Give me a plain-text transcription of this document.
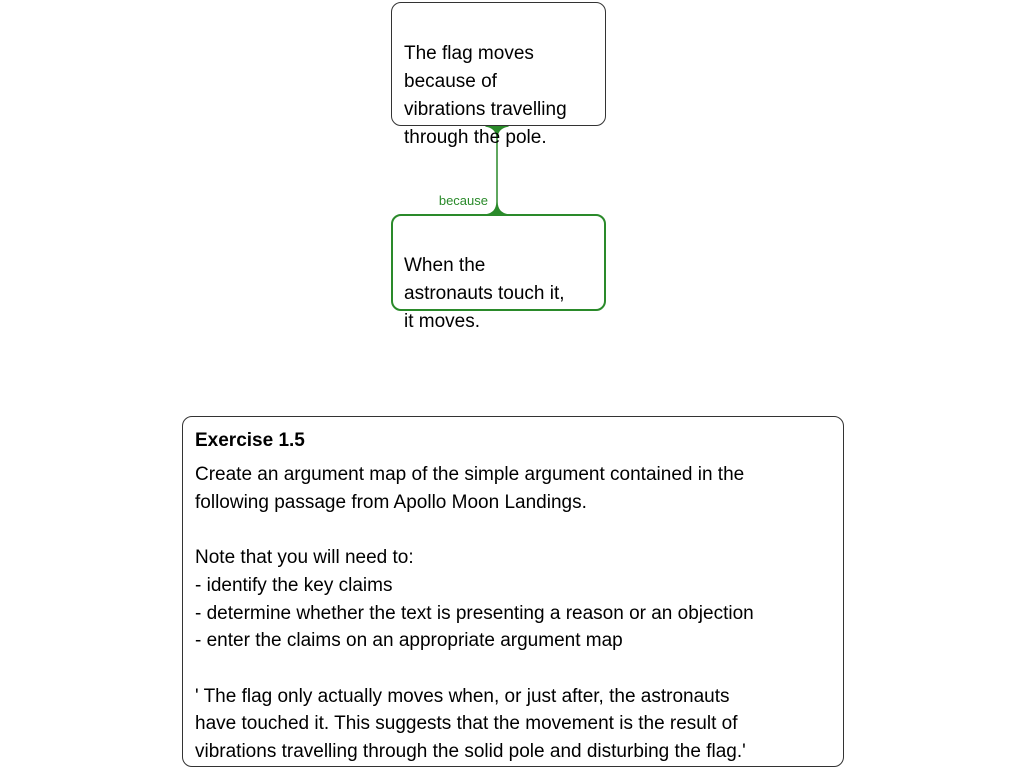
The flag moves
because of
vibrations travelling
through the pole.

because

When the
astronauts touch it,
it moves.

Exercise 1.5
Create an argument map of the simple argument contained in the
following passage from Apollo Moon Landings.

Note that you will need to:
- identify the key claims
- determine whether the text is presenting a reason or an objection
- enter the claims on an appropriate argument map

' The flag only actually moves when, or just after, the astronauts
have touched it. This suggests that the movement is the result of
vibrations travelling through the solid pole and disturbing the flag.'
